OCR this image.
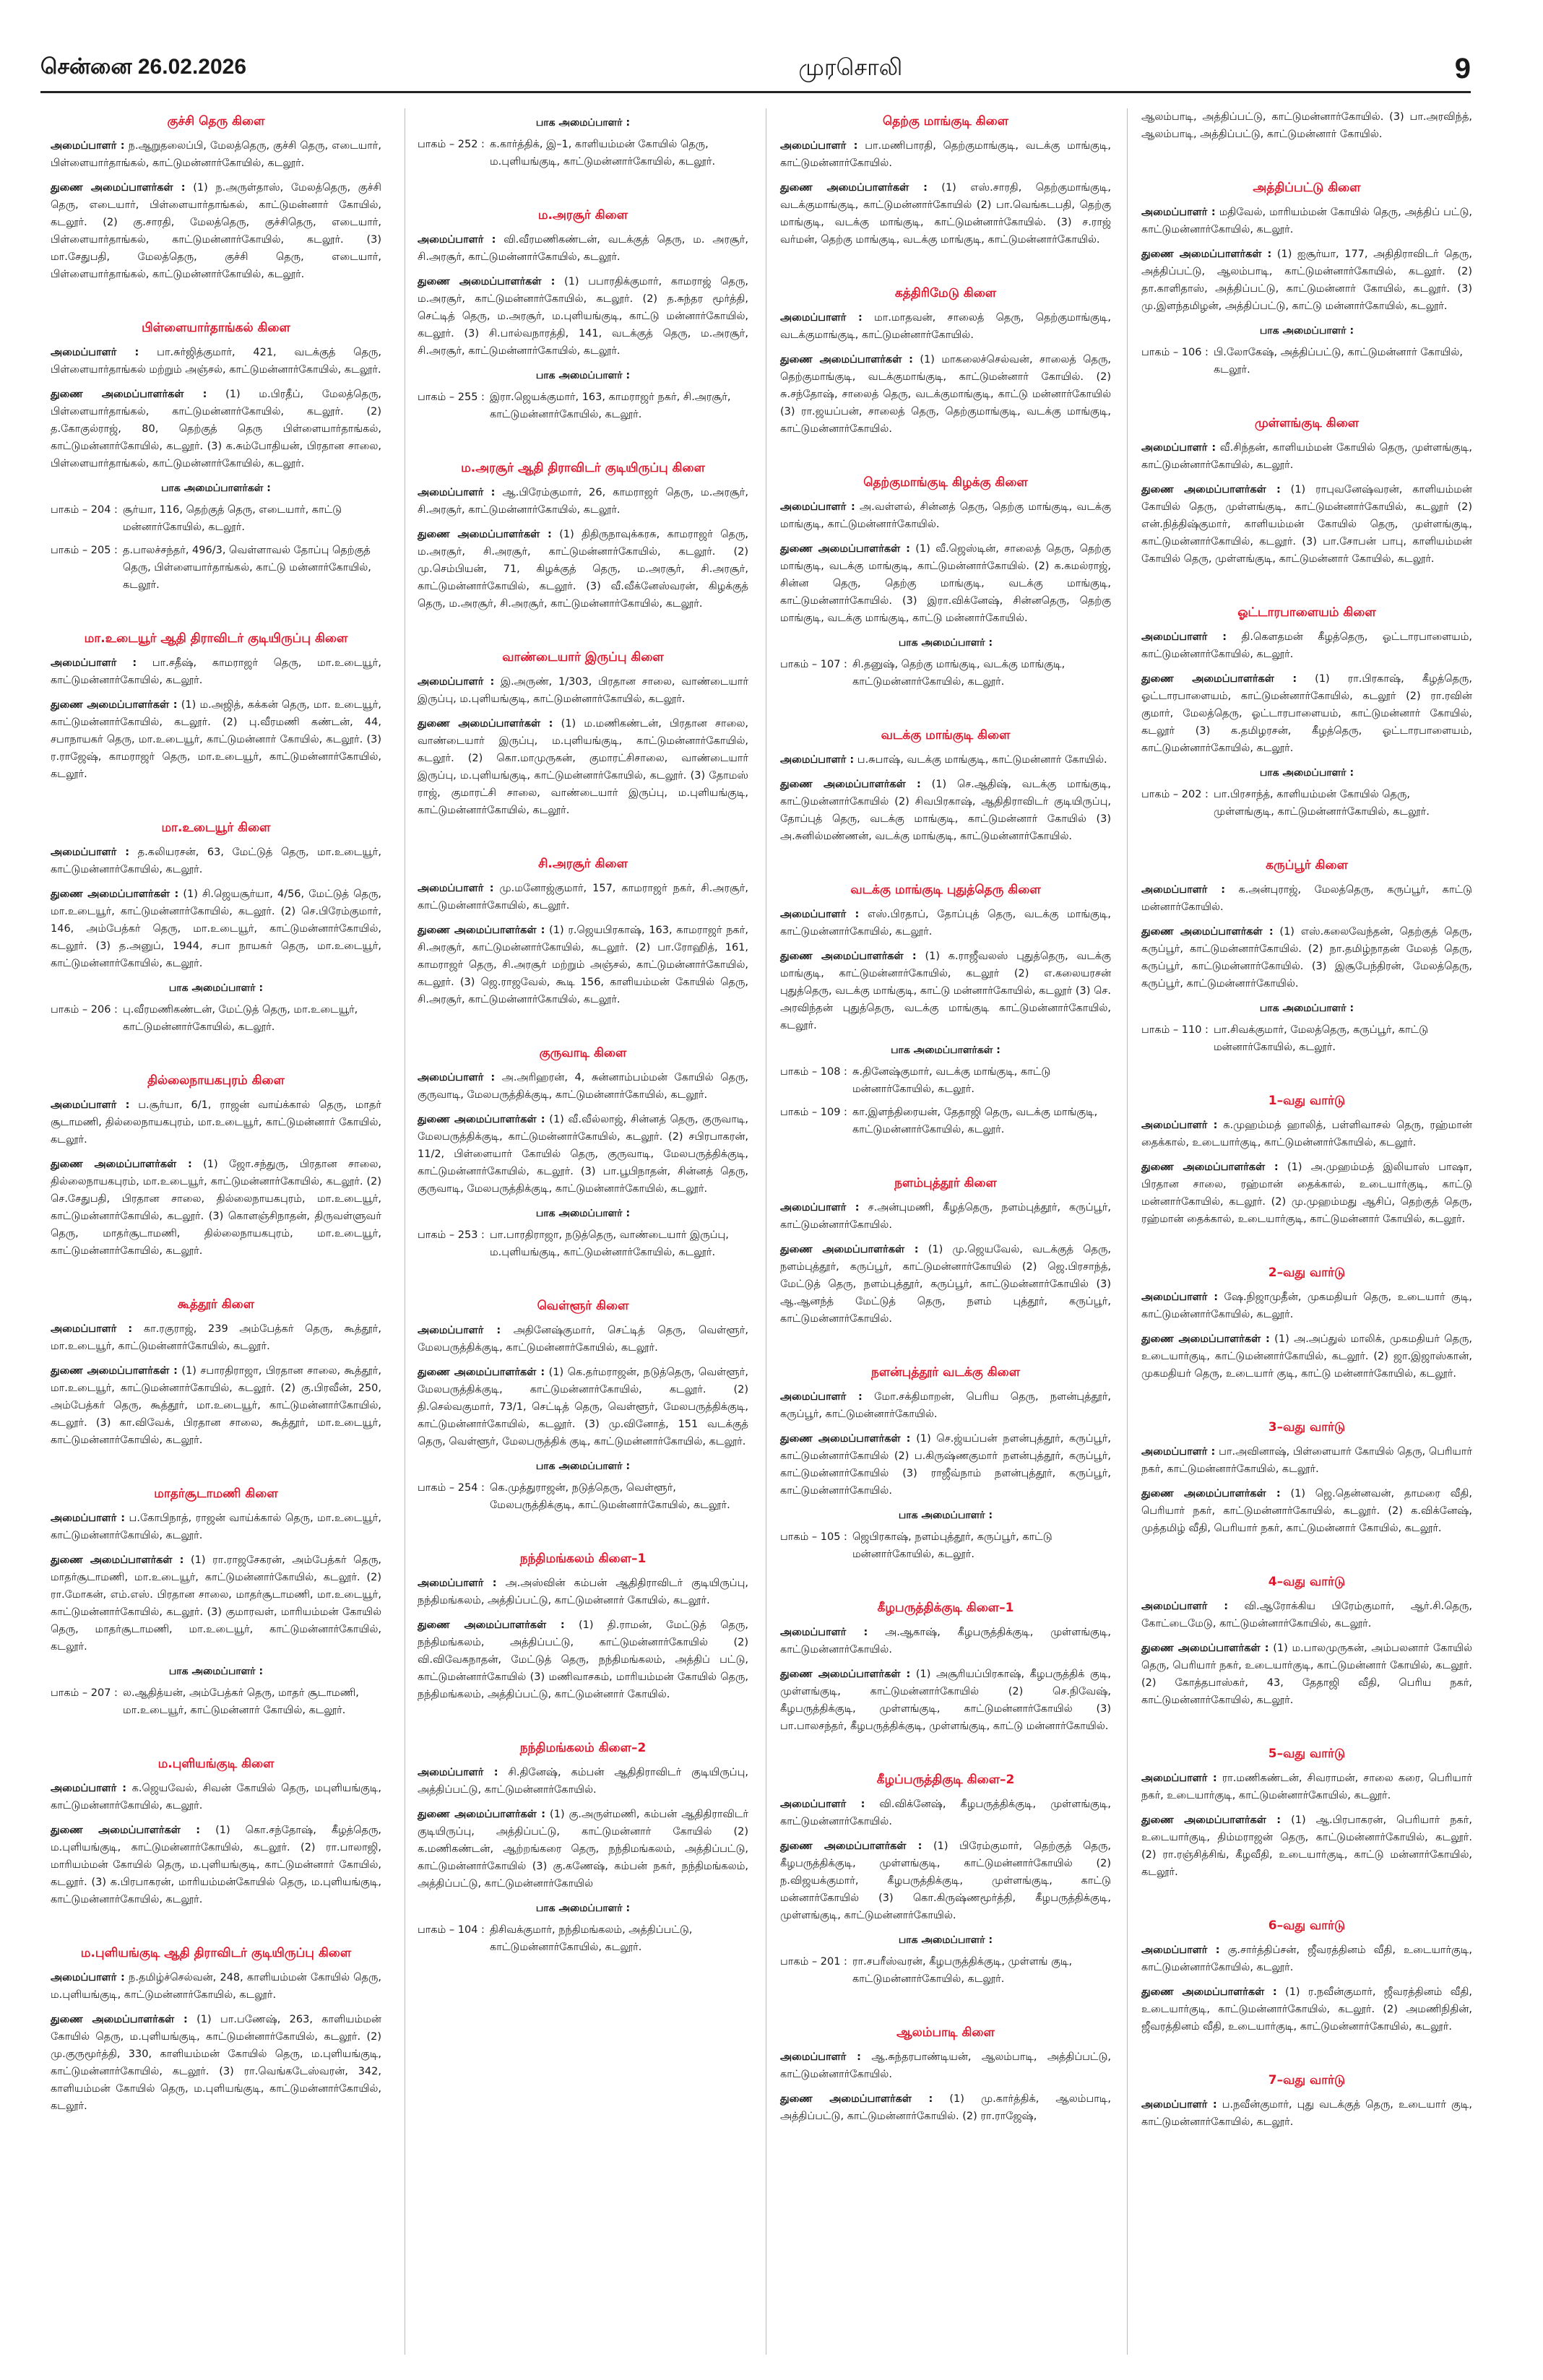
சென்னை 26.02.2026	முரசொலி	9
குச்சி தெரு கிளை
அமைப்பாளர் : ந.ஆறுதலைப்பி, மேலத்தெரு, குச்சி தெரு, எடையார், பிள்ளையார்தாங்கல், காட்டுமன்னார்கோயில், கடலூர்.
துணை அமைப்பாளர்கள் : (1) ந.அருள்தாஸ், மேலத்தெரு, குச்சி தெரு, எடையார், பிள்ளையார்தாங்கல், காட்டுமன்னார் கோயில், கடலூர். (2) கு.சாரதி, மேலத்தெரு, குச்சிதெரு, எடையார், பிள்ளையார்தாங்கல், காட்டுமன்னார்கோயில், கடலூர். (3) மா.சேதுபதி, மேலத்தெரு, குச்சி தெரு, எடையார், பிள்ளையார்தாங்கல், காட்டுமன்னார்கோயில், கடலூர்.
பிள்ளையார்தாங்கல் கிளை
அமைப்பாளர் : பா.சுர்ஜித்குமார், 421, வடக்குத் தெரு, பிள்ளையார்தாங்கல் மற்றும் அஞ்சல், காட்டுமன்னார்கோயில், கடலூர்.
துணை அமைப்பாளர்கள் : (1) ம.பிரதீப், மேலத்தெரு, பிள்ளையார்தாங்கல், காட்டுமன்னார்கோயில், கடலூர். (2) த.கோகுல்ராஜ், 80, தெற்குத் தெரு பிள்ளையார்தாங்கல், காட்டுமன்னார்கோயில், கடலூர். (3) க.சும்போதியன், பிரதான சாலை, பிள்ளையார்தாங்கல், காட்டுமன்னார்கோயில், கடலூர்.
பாக அமைப்பாளர்கள் :
பாகம் – 204 : சூர்யா, 116, தெற்குத் தெரு, எடையார், காட்டு மன்னார்கோயில், கடலூர்.
பாகம் – 205 : த.பாலச்சந்தர், 496/3, வெள்ளாவல் தோப்பு தெற்குத் தெரு, பிள்ளையார்தாங்கல், காட்டு மன்னார்கோயில், கடலூர்.
மா.உடையூர் ஆதி திராவிடர் குடியிருப்பு கிளை
அமைப்பாளர் : பா.சதீஷ், காமராஜர் தெரு, மா.உடையூர், காட்டுமன்னார்கோயில், கடலூர்.
துணை அமைப்பாளர்கள் : (1) ம.அஜித், கக்கன் தெரு, மா. உடையூர், காட்டுமன்னார்கோயில், கடலூர். (2) பு.வீரமணி கண்டன், 44, சபாநாயகர் தெரு, மா.உடையூர், காட்டுமன்னார் கோயில், கடலூர். (3) ர.ராஜேஷ், காமராஜர் தெரு, மா.உடையூர், காட்டுமன்னார்கோயில், கடலூர்.
மா.உடையூர் கிளை
அமைப்பாளர் : த.கலியரசன், 63, மேட்டுத் தெரு, மா.உடையூர், காட்டுமன்னார்கோயில், கடலூர்.
துணை அமைப்பாளர்கள் : (1) சி.ஜெயசூர்யா, 4/56, மேட்டுத் தெரு, மா.உடையூர், காட்டுமன்னார்கோயில், கடலூர். (2) செ.பிரேம்குமார், 146, அம்பேத்கர் தெரு, மா.உடையூர், காட்டுமன்னார்கோயில், கடலூர். (3) த.அனுப், 1944, சபா நாயகர் தெரு, மா.உடையூர், காட்டுமன்னார்கோயில், கடலூர்.
பாக அமைப்பாளர் :
பாகம் – 206 : பு.வீரமணிகண்டன், மேட்டுத் தெரு, மா.உடையூர், காட்டுமன்னார்கோயில், கடலூர்.
தில்லைநாயகபுரம் கிளை
அமைப்பாளர் : ப.சூர்யா, 6/1, ராஜன் வாய்க்கால் தெரு, மாதர் சூடாமணி, தில்லைநாயகபுரம், மா.உடையூர், காட்டுமன்னார் கோயில், கடலூர்.
துணை அமைப்பாளர்கள் : (1) ஜோ.சந்துரு, பிரதான சாலை, தில்லைநாயகபுரம், மா.உடையூர், காட்டுமன்னார்கோயில், கடலூர். (2) செ.சேதுபதி, பிரதான சாலை, தில்லைநாயகபுரம், மா.உடையூர், காட்டுமன்னார்கோயில், கடலூர். (3) கொளஞ்சிநாதன், திருவள்ளுவர் தெரு, மாதர்சூடாமணி, தில்லைநாயகபுரம், மா.உடையூர், காட்டுமன்னார்கோயில், கடலூர்.
கூத்தூர் கிளை
அமைப்பாளர் : கா.ரகுராஜ், 239 அம்பேத்கர் தெரு, கூத்தூர், மா.உடையூர், காட்டுமன்னார்கோயில், கடலூர்.
துணை அமைப்பாளர்கள் : (1) சபாரதிராஜா, பிரதான சாலை, கூத்தூர், மா.உடையூர், காட்டுமன்னார்கோயில், கடலூர். (2) கு.பிரவீன், 250, அம்பேத்கர் தெரு, கூத்தூர், மா.உடையூர், காட்டுமன்னார்கோயில், கடலூர். (3) கா.விவேக், பிரதான சாலை, கூத்தூர், மா.உடையூர், காட்டுமன்னார்கோயில், கடலூர்.
மாதர்சூடாமணி கிளை
அமைப்பாளர் : ப.கோபிநாத், ராஜன் வாய்க்கால் தெரு, மா.உடையூர், காட்டுமன்னார்கோயில், கடலூர்.
துணை அமைப்பாளர்கள் : (1) ரா.ராஜசேகரன், அம்பேத்கர் தெரு, மாதர்சூடாமணி, மா.உடையூர், காட்டுமன்னார்கோயில், கடலூர். (2) ரா.மோகன், எம்.எஸ். பிரதான சாலை, மாதர்சூடாமணி, மா.உடையூர், காட்டுமன்னார்கோயில், கடலூர். (3) குமாரவள், மாரியம்மன் கோயில் தெரு, மாதர்சூடாமணி, மா.உடையூர், காட்டுமன்னார்கோயில், கடலூர்.
பாக அமைப்பாளர் :
பாகம் – 207 : ல.ஆதித்யன், அம்பேத்கர் தெரு, மாதர் சூடாமணி, மா.உடையூர், காட்டுமன்னார் கோயில், கடலூர்.
ம.புளியங்குடி கிளை
அமைப்பாளர் : க.ஜெயவேல், சிவன் கோயில் தெரு, மபுளியங்குடி, காட்டுமன்னார்கோயில், கடலூர்.
துணை அமைப்பாளர்கள் : (1) கொ.சந்தோஷ், கீழத்தெரு, ம.புளியங்குடி, காட்டுமன்னார்கோயில், கடலூர். (2) ரா.பாலாஜி, மாரியம்மன் கோயில் தெரு, ம.புளியங்குடி, காட்டுமன்னார் கோயில், கடலூர். (3) க.பிரபாகரன், மாரியம்மன்கோயில் தெரு, ம.புளியங்குடி, காட்டுமன்னார்கோயில், கடலூர்.
ம.புளியங்குடி ஆதி திராவிடர் குடியிருப்பு கிளை
அமைப்பாளர் : ந.தமிழ்ச்செல்வன், 248, காளியம்மன் கோயில் தெரு, ம.புளியங்குடி, காட்டுமன்னார்கோயில், கடலூர்.
துணை அமைப்பாளர்கள் : (1) பா.பணேஷ், 263, காளியம்மன் கோயில் தெரு, ம.புளியங்குடி, காட்டுமன்னார்கோயில், கடலூர். (2) மு.குருமூர்த்தி, 330, காளியம்மன் கோயில் தெரு, ம.புளியங்குடி, காட்டுமன்னார்கோயில், கடலூர். (3) ரா.வெங்கடேஸ்வரன், 342, காளியம்மன் கோயில் தெரு, ம.புளியங்குடி, காட்டுமன்னார்கோயில், கடலூர்.
பாக அமைப்பாளர் :
பாகம் – 252 : க.கார்த்திக், இ–1, காளியம்மன் கோயில் தெரு, ம.புளியங்குடி, காட்டுமன்னார்கோயில், கடலூர்.
ம.அரசூர் கிளை
அமைப்பாளர் : வி.வீரமணிகண்டன், வடக்குத் தெரு, ம. அரசூர், சி.அரசூர், காட்டுமன்னார்கோயில், கடலூர்.
துணை அமைப்பாளர்கள் : (1) பபாரதிக்குமார், காமராஜ் தெரு, ம.அரசூர், காட்டுமன்னார்கோயில், கடலூர். (2) த.சுந்தர மூர்த்தி, செட்டித் தெரு, ம.அரசூர், ம.புளியங்குடி, காட்டு மன்னார்கோயில், கடலூர். (3) சி.பால்வநாரத்தி, 141, வடக்குத் தெரு, ம.அரசூர், சி.அரசூர், காட்டுமன்னார்கோயில், கடலூர்.
பாக அமைப்பாளர் :
பாகம் – 255 : இரா.ஜெயக்குமார், 163, காமராஜர் நகர், சி.அரசூர், காட்டுமன்னார்கோயில், கடலூர்.
ம.அரசூர் ஆதி திராவிடர் குடியிருப்பு கிளை
அமைப்பாளர் : ஆ.பிரேம்குமார், 26, காமராஜர் தெரு, ம.அரசூர், சி.அரசூர், காட்டுமன்னார்கோயில், கடலூர்.
துணை அமைப்பாளர்கள் : (1) திதிருநாவுக்கரசு, காமராஜர் தெரு, ம.அரசூர், சி.அரசூர், காட்டுமன்னார்கோயில், கடலூர். (2) மு.செம்பியன், 71, கிழக்குத் தெரு, ம.அரசூர், சி.அரசூர், காட்டுமன்னார்கோயில், கடலூர். (3) வீ.வீக்னேஸ்வரன், கிழக்குத் தெரு, ம.அரசூர், சி.அரசூர், காட்டுமன்னார்கோயில், கடலூர்.
வாண்டையார் இருப்பு கிளை
அமைப்பாளர் : இ.அருண், 1/303, பிரதான சாலை, வாண்டையார் இருப்பு, ம.புளியங்குடி, காட்டுமன்னார்கோயில், கடலூர்.
துணை அமைப்பாளர்கள் : (1) ம.மணிகண்டன், பிரதான சாலை, வாண்டையார் இருப்பு, ம.புளியங்குடி, காட்டுமன்னார்கோயில், கடலூர். (2) கொ.மாமுருகன், குமாரட்சிசாலை, வாண்டையார் இருப்பு, ம.புளியங்குடி, காட்டுமன்னார்கோயில், கடலூர். (3) தோமஸ் ராஜ், குமாரட்சி சாலை, வாண்டையார் இருப்பு, ம.புளியங்குடி, காட்டுமன்னார்கோயில், கடலூர்.
சி.அரசூர் கிளை
அமைப்பாளர் : மு.மனோஜ்குமார், 157, காமராஜர் நகர், சி.அரசூர், காட்டுமன்னார்கோயில், கடலூர்.
துணை அமைப்பாளர்கள் : (1) ர.ஜெயபிரகாஷ், 163, காமராஜர் நகர், சி.அரசூர், காட்டுமன்னார்கோயில், கடலூர். (2) பா.ரோஹித், 161, காமராஜர் தெரு, சி.அரசூர் மற்றும் அஞ்சல், காட்டுமன்னார்கோயில், கடலூர். (3) ஜெ.ராஜவேல், கூடி 156, காளியம்மன் கோயில் தெரு, சி.அரசூர், காட்டுமன்னார்கோயில், கடலூர்.
குருவாடி கிளை
அமைப்பாளர் : அ.அரிஹரன், 4, சுன்னாம்பம்மன் கோயில் தெரு, குருவாடி, மேலபருத்திக்குடி, காட்டுமன்னார்கோயில், கடலூர்.
துணை அமைப்பாளர்கள் : (1) வீ.வீல்லாஜ், சின்னத் தெரு, குருவாடி, மேலபருத்திக்குடி, காட்டுமன்னார்கோயில், கடலூர். (2) சபிரபாகரன், 11/2, பிள்ளையார் கோயில் தெரு, குருவாடி, மேலபருத்திக்குடி, காட்டுமன்னார்கோயில், கடலூர். (3) பா.பூபிநாதன், சின்னத் தெரு, குருவாடி, மேலபருத்திக்குடி, காட்டுமன்னார்கோயில், கடலூர்.
பாக அமைப்பாளர் :
பாகம் – 253 : பா.பாரதிராஜா, நடுத்தெரு, வாண்டையார் இருப்பு, ம.புளியங்குடி, காட்டுமன்னார்கோயில், கடலூர்.
வெள்ளூர் கிளை
அமைப்பாளர் : அதினேஷ்குமார், செட்டித் தெரு, வெள்ளூர், மேலபருத்திக்குடி, காட்டுமன்னார்கோயில், கடலூர்.
துணை அமைப்பாளர்கள் : (1) கெ.தர்மராஜன், நடுத்தெரு, வெள்ளூர், மேலபருத்திக்குடி, காட்டுமன்னார்கோயில், கடலூர். (2) தி.செல்வகுமார், 73/1, செட்டித் தெரு, வெள்ளூர், மேலபருத்திக்குடி, காட்டுமன்னார்கோயில், கடலூர். (3) மு.வினோத், 151 வடக்குத் தெரு, வெள்ளூர், மேலபருத்திக் குடி, காட்டுமன்னார்கோயில், கடலூர்.
பாக அமைப்பாளர் :
பாகம் – 254 : கெ.முத்துராஜன், நடுத்தெரு, வெள்ளூர், மேலபருத்திக்குடி, காட்டுமன்னார்கோயில், கடலூர்.
நந்திமங்கலம் கிளை–1
அமைப்பாளர் : அ.அஸ்வின் கம்பன் ஆதிதிராவிடர் குடியிருப்பு, நந்திமங்கலம், அத்திப்பட்டு, காட்டுமன்னார் கோயில், கடலூர்.
துணை அமைப்பாளர்கள் : (1) தி.ராமன், மேட்டுத் தெரு, நந்திமங்கலம், அத்திப்பட்டு, காட்டுமன்னார்கோயில் (2) வி.விவேகநாதன், மேட்டுத் தெரு, நந்திமங்கலம், அத்திப் பட்டு, காட்டுமன்னார்கோயில் (3) மணிவாசகம், மாரியம்மன் கோயில் தெரு, நந்திமங்கலம், அத்திப்பட்டு, காட்டுமன்னார் கோயில்.
நந்திமங்கலம் கிளை–2
அமைப்பாளர் : சி.தினேஷ், கம்பன் ஆதிதிராவிடர் குடியிருப்பு, அத்திப்பட்டு, காட்டுமன்னார்கோயில்.
துணை அமைப்பாளர்கள் : (1) கு.அருள்மணி, கம்பன் ஆதிதிராவிடர் குடியிருப்பு, அத்திப்பட்டு, காட்டுமன்னார் கோயில் (2) க.மணிகண்டன், ஆற்றங்கரை தெரு, நந்திமங்கலம், அத்திப்பட்டு, காட்டுமன்னார்கோயில் (3) கு.கணேஷ், கம்பன் நகர், நந்திமங்கலம், அத்திப்பட்டு, காட்டுமன்னார்கோயில்
பாக அமைப்பாளர் :
பாகம் – 104 : திசிவக்குமார், நந்திமங்கலம், அத்திப்பட்டு, காட்டுமன்னார்கோயில், கடலூர்.
தெற்கு மாங்குடி கிளை
அமைப்பாளர் : பா.மணிபாரதி, தெற்குமாங்குடி, வடக்கு மாங்குடி, காட்டுமன்னார்கோயில்.
துணை அமைப்பாளர்கள் : (1) எஸ்.சாரதி, தெற்குமாங்குடி, வடக்குமாங்குடி, காட்டுமன்னார்கோயில் (2) பா.வெங்கடபதி, தெற்கு மாங்குடி, வடக்கு மாங்குடி, காட்டுமன்னார்கோயில். (3) ச.ராஜ் வர்மன், தெற்கு மாங்குடி, வடக்கு மாங்குடி, காட்டுமன்னார்கோயில்.
கத்திரிமேடு கிளை
அமைப்பாளர் : மா.மாதவன், சாலைத் தெரு, தெற்குமாங்குடி, வடக்குமாங்குடி, காட்டுமன்னார்கோயில்.
துணை அமைப்பாளர்கள் : (1) மாகலைச்செல்வன், சாலைத் தெரு, தெற்குமாங்குடி, வடக்குமாங்குடி, காட்டுமன்னார் கோயில். (2) சு.சந்தோஷ், சாலைத் தெரு, வடக்குமாங்குடி, காட்டு மன்னார்கோயில் (3) ரா.ஜயப்பன், சாலைத் தெரு, தெற்குமாங்குடி, வடக்கு மாங்குடி, காட்டுமன்னார்கோயில்.
தெற்குமாங்குடி கிழக்கு கிளை
அமைப்பாளர் : அ.வள்ளல், சின்னத் தெரு, தெற்கு மாங்குடி, வடக்கு மாங்குடி, காட்டுமன்னார்கோயில்.
துணை அமைப்பாளர்கள் : (1) வீ.ஜெஸ்டின், சாலைத் தெரு, தெற்கு மாங்குடி, வடக்கு மாங்குடி, காட்டுமன்னார்கோயில். (2) க.கமல்ராஜ், சின்ன தெரு, தெற்கு மாங்குடி, வடக்கு மாங்குடி, காட்டுமன்னார்கோயில். (3) இரா.விக்னேஷ், சின்னதெரு, தெற்கு மாங்குடி, வடக்கு மாங்குடி, காட்டு மன்னார்கோயில்.
பாக அமைப்பாளர் :
பாகம் – 107 : சி.தனுஷ், தெற்கு மாங்குடி, வடக்கு மாங்குடி, காட்டுமன்னார்கோயில், கடலூர்.
வடக்கு மாங்குடி கிளை
அமைப்பாளர் : ப.சுபாஷ், வடக்கு மாங்குடி, காட்டுமன்னார் கோயில்.
துணை அமைப்பாளர்கள் : (1) செ.ஆதிஷ், வடக்கு மாங்குடி, காட்டுமன்னார்கோயில் (2) சிவபிரகாஷ், ஆதிதிராவிடர் குடியிருப்பு, தோப்புத் தெரு, வடக்கு மாங்குடி, காட்டுமன்னார் கோயில் (3) அ.சுனில்மண்ணன், வடக்கு மாங்குடி, காட்டுமன்னார்கோயில்.
வடக்கு மாங்குடி புதுத்தெரு கிளை
அமைப்பாளர் : எஸ்.பிரதாப், தோப்புத் தெரு, வடக்கு மாங்குடி, காட்டுமன்னார்கோயில், கடலூர்.
துணை அமைப்பாளர்கள் : (1) க.ராஜீவலஸ் புதுத்தெரு, வடக்கு மாங்குடி, காட்டுமன்னார்கோயில், கடலூர் (2) எ.கலையரசன் புதுத்தெரு, வடக்கு மாங்குடி, காட்டு மன்னார்கோயில், கடலூர் (3) செ. அரவிந்தன் புதுத்தெரு, வடக்கு மாங்குடி காட்டுமன்னார்கோயில், கடலூர்.
பாக அமைப்பாளர்கள் :
பாகம் – 108 : சு.தினேஷ்குமார், வடக்கு மாங்குடி, காட்டு மன்னார்கோயில், கடலூர்.
பாகம் – 109 : கா.இளந்திரையன், தேதாஜி தெரு, வடக்கு மாங்குடி, காட்டுமன்னார்கோயில், கடலூர்.
நளம்புத்தூர் கிளை
அமைப்பாளர் : ச.அன்புமணி, கீழத்தெரு, நளம்புத்தூர், கருப்பூர், காட்டுமன்னார்கோயில்.
துணை அமைப்பாளர்கள் : (1) மு.ஜெயவேல், வடக்குத் தெரு, நளம்புத்தூர், கருப்பூர், காட்டுமன்னார்கோயில் (2) ஜெ.பிரசாந்த், மேட்டுத் தெரு, நளம்புத்தூர், கருப்பூர், காட்டுமன்னார்கோயில் (3) ஆ.ஆனந்த் மேட்டுத் தெரு, நளம் புத்தூர், கருப்பூர், காட்டுமன்னார்கோயில்.
நளன்புத்தூர் வடக்கு கிளை
அமைப்பாளர் : மோ.சக்திமாறன், பெரிய தெரு, நளன்புத்தூர், கருப்பூர், காட்டுமன்னார்கோயில்.
துணை அமைப்பாளர்கள் : (1) செ.ஜ்யப்பன் நளன்புத்தூர், கருப்பூர், காட்டுமன்னார்கோயில் (2) ப.கிருஷ்ணகுமார் நளன்புத்தூர், கருப்பூர், காட்டுமன்னார்கோயில் (3) ராஜீவ்நாம் நளன்புத்தூர், கருப்பூர், காட்டுமன்னார்கோயில்.
பாக அமைப்பாளர் :
பாகம் – 105 : ஜெபிரகாஷ், நளம்புத்தூர், கருப்பூர், காட்டு மன்னார்கோயில், கடலூர்.
கீழபருத்திக்குடி கிளை–1
அமைப்பாளர் : அ.ஆகாஷ், கீழபருத்திக்குடி, முள்ளங்குடி, காட்டுமன்னார்கோயில்.
துணை அமைப்பாளர்கள் : (1) அசூரியப்பிரகாஷ், கீழபருத்திக் குடி, முள்ளங்குடி, காட்டுமன்னார்கோயில் (2) செ.நிவேஷ், கீழபருத்திக்குடி, முள்ளங்குடி, காட்டுமன்னார்கோயில் (3) பா.பாலசந்தர், கீழபருத்திக்குடி, முள்ளங்குடி, காட்டு மன்னார்கோயில்.
கீழப்பருத்திகுடி கிளை–2
அமைப்பாளர் : வி.விக்னேஷ், கீழபருத்திக்குடி, முள்ளங்குடி, காட்டுமன்னார்கோயில்.
துணை அமைப்பாளர்கள் : (1) பிரேம்குமார், தெற்குத் தெரு, கீழபருத்திக்குடி, முள்ளங்குடி, காட்டுமன்னார்கோயில் (2) ந.விஜயக்குமார், கீழபருத்திக்குடி, முள்ளங்குடி, காட்டு மன்னார்கோயில் (3) கொ.கிருஷ்ணமூர்த்தி, கீழபருத்திக்குடி, முள்ளங்குடி, காட்டுமன்னார்கோயில்.
பாக அமைப்பாளர் :
பாகம் – 201 : ரா.சபரீஸ்வரன், கீழபருத்திக்குடி, முள்ளங் குடி, காட்டுமன்னார்கோயில், கடலூர்.
ஆலம்பாடி கிளை
அமைப்பாளர் : ஆ.சுந்தரபாண்டியன், ஆலம்பாடி, அத்திப்பட்டு, காட்டுமன்னார்கோயில்.
துணை அமைப்பாளர்கள் : (1) மு.கார்த்திக், ஆலம்பாடி, அத்திப்பட்டு, காட்டுமன்னார்கோயில். (2) ரா.ராஜேஷ்,
ஆலம்பாடி, அத்திப்பட்டு, காட்டுமன்னார்கோயில். (3) பா.அரவிந்த், ஆலம்பாடி, அத்திப்பட்டு, காட்டுமன்னார் கோயில்.
அத்திப்பட்டு கிளை
அமைப்பாளர் : மதிவேல், மாரியம்மன் கோயில் தெரு, அத்திப் பட்டு, காட்டுமன்னார்கோயில், கடலூர்.
துணை அமைப்பாளர்கள் : (1) ஐசூர்யா, 177, அதிதிராவிடர் தெரு, அத்திப்பட்டு, ஆலம்பாடி, காட்டுமன்னார்கோயில், கடலூர். (2) தா.காளிதாஸ், அத்திப்பட்டு, காட்டுமன்னார் கோயில், கடலூர். (3) மு.இளந்தமிழன், அத்திப்பட்டு, காட்டு மன்னார்கோயில், கடலூர்.
பாக அமைப்பாளர் :
பாகம் – 106 : பி.லோகேஷ், அத்திப்பட்டு, காட்டுமன்னார் கோயில், கடலூர்.
முள்ளங்குடி கிளை
அமைப்பாளர் : வீ.சிந்தன், காளியம்மன் கோயில் தெரு, முள்ளங்குடி, காட்டுமன்னார்கோயில், கடலூர்.
துணை அமைப்பாளர்கள் : (1) ராபுவனேஷ்வரன், காளியம்மன் கோயில் தெரு, முள்ளங்குடி, காட்டுமன்னார்கோயில், கடலூர் (2) என்.நித்திஷ்குமார், காளியம்மன் கோயில் தெரு, முள்ளங்குடி, காட்டுமன்னார்கோயில், கடலூர். (3) பா.சோபன் பாபு, காளியம்மன் கோயில் தெரு, முள்ளங்குடி, காட்டுமன்னார் கோயில், கடலூர்.
ஓட்டாரபாளையம் கிளை
அமைப்பாளர் : தி.கௌதமன் கீழத்தெரு, ஓட்டாரபாளையம், காட்டுமன்னார்கோயில், கடலூர்.
துணை அமைப்பாளர்கள் : (1) ரா.பிரகாஷ், கீழத்தெரு, ஓட்டாரபாளையம், காட்டுமன்னார்கோயில், கடலூர் (2) ரா.ரவின் குமார், மேலத்தெரு, ஓட்டாரபாளையம், காட்டுமன்னார் கோயில், கடலூர் (3) க.தமிழரசன், கீழத்தெரு, ஓட்டாரபாளையம், காட்டுமன்னார்கோயில், கடலூர்.
பாக அமைப்பாளர் :
பாகம் – 202 : பா.பிரசாந்த், காளியம்மன் கோயில் தெரு, முள்ளங்குடி, காட்டுமன்னார்கோயில், கடலூர்.
கருப்பூர் கிளை
அமைப்பாளர் : க.அன்புராஜ், மேலத்தெரு, கருப்பூர், காட்டு மன்னார்கோயில்.
துணை அமைப்பாளர்கள் : (1) எஸ்.கலைவேந்தன், தெற்குத் தெரு, கருப்பூர், காட்டுமன்னார்கோயில். (2) நா.தமிழ்நாதன் மேலத் தெரு, கருப்பூர், காட்டுமன்னார்கோயில். (3) இசூபேந்திரன், மேலத்தெரு, கருப்பூர், காட்டுமன்னார்கோயில்.
பாக அமைப்பாளர் :
பாகம் – 110 : பா.சிவக்குமார், மேலத்தெரு, கருப்பூர், காட்டு மன்னார்கோயில், கடலூர்.
1–வது வார்டு
அமைப்பாளர் : க.முஹம்மத் ஹாலித், பள்ளிவாசல் தெரு, ரஹ்மான் தைக்கால், உடையார்குடி, காட்டுமன்னார்கோயில், கடலூர்.
துணை அமைப்பாளர்கள் : (1) அ.முஹம்மத் இலியாஸ் பாஷா, பிரதான சாலை, ரஹ்மான் தைக்கால், உடையார்குடி, காட்டு மன்னார்கோயில், கடலூர். (2) மு.முஹம்மது ஆசிப், தெற்குத் தெரு, ரஹ்மான் தைக்கால், உடையார்குடி, காட்டுமன்னார் கோயில், கடலூர்.
2–வது வார்டு
அமைப்பாளர் : ஷே.நிஜாமுதீன், முகமதியர் தெரு, உடையார் குடி, காட்டுமன்னார்கோயில், கடலூர்.
துணை அமைப்பாளர்கள் : (1) அ.அப்துல் மாலிக், முகமதியர் தெரு, உடையார்குடி, காட்டுமன்னார்கோயில், கடலூர். (2) ஜா.இஜாஸ்கான், முகமதியர் தெரு, உடையார் குடி, காட்டு மன்னார்கோயில், கடலூர்.
3–வது வார்டு
அமைப்பாளர் : பா.அவினாஷ், பிள்ளையார் கோயில் தெரு, பெரியார் நகர், காட்டுமன்னார்கோயில், கடலூர்.
துணை அமைப்பாளர்கள் : (1) ஜெ.தென்னவன், தாமரை வீதி, பெரியார் நகர், காட்டுமன்னார்கோயில், கடலூர். (2) க.விக்னேஷ், முத்தமிழ் வீதி, பெரியார் நகர், காட்டுமன்னார் கோயில், கடலூர்.
4–வது வார்டு
அமைப்பாளர் : வி.ஆரோக்கிய பிரேம்குமார், ஆர்.சி.தெரு, கோட்டைமேடு, காட்டுமன்னார்கோயில், கடலூர்.
துணை அமைப்பாளர்கள் : (1) ம.பாலமுருகன், அம்பலனார் கோயில் தெரு, பெரியார் நகர், உடையார்குடி, காட்டுமன்னார் கோயில், கடலூர். (2) கோத்தபாஸ்கர், 43, தேதாஜி வீதி, பெரிய நகர், காட்டுமன்னார்கோயில், கடலூர்.
5–வது வார்டு
அமைப்பாளர் : ரா.மணிகண்டன், சிவராமன், சாலை கரை, பெரியார் நகர், உடையார்குடி, காட்டுமன்னார்கோயில், கடலூர்.
துணை அமைப்பாளர்கள் : (1) ஆ.பிரபாகரன், பெரியார் நகர், உடையார்குடி, திம்மராஜன் தெரு, காட்டுமன்னார்கோயில், கடலூர். (2) ரா.ரஞ்சித்சிங், கீழவீதி, உடையார்குடி, காட்டு மன்னார்கோயில், கடலூர்.
6–வது வார்டு
அமைப்பாளர் : கு.சார்த்திப்சன், ஜீவரத்தினம் வீதி, உடையார்குடி, காட்டுமன்னார்கோயில், கடலூர்.
துணை அமைப்பாளர்கள் : (1) ர.நவீன்குமார், ஜீவரத்தினம் வீதி, உடையார்குடி, காட்டுமன்னார்கோயில், கடலூர். (2) அமணிநிதின், ஜீவரத்தினம் வீதி, உடையார்குடி, காட்டுமன்னார்கோயில், கடலூர்.
7–வது வார்டு
அமைப்பாளர் : ப.நவீன்குமார், புது வடக்குத் தெரு, உடையார் குடி, காட்டுமன்னார்கோயில், கடலூர்.
